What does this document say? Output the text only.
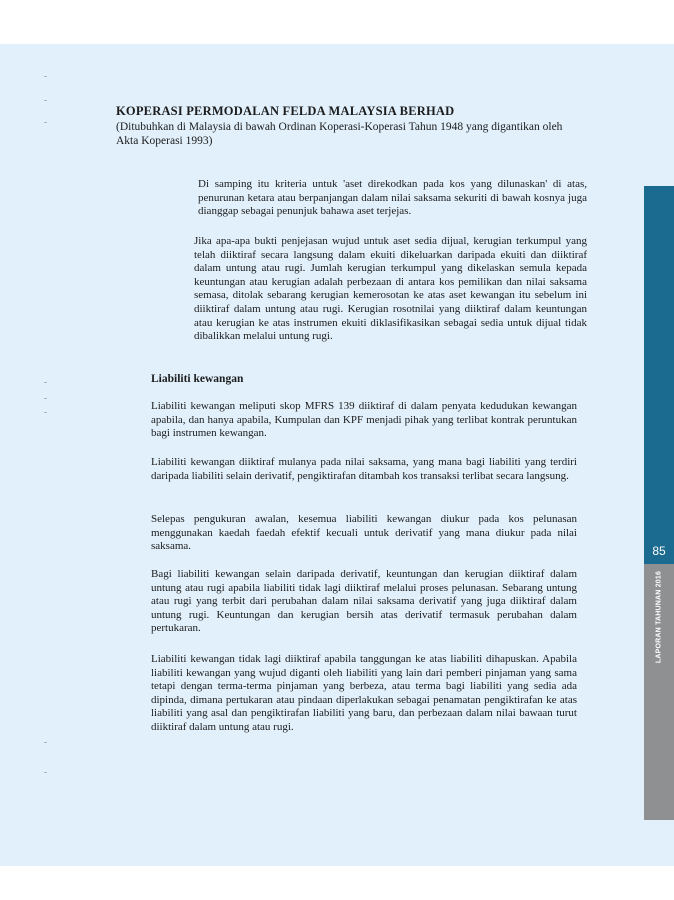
KOPERASI PERMODALAN FELDA MALAYSIA BERHAD

(Ditubuhkan di Malaysia di bawah Ordinan Koperasi-Koperasi Tahun 1948 yang digantikan oleh Akta Koperasi 1993)

Di samping itu kriteria untuk 'aset direkodkan pada kos yang dilunaskan' di atas, penurunan ketara atau berpanjangan dalam nilai saksama sekuriti di bawah kosnya juga dianggap sebagai penunjuk bahawa aset terjejas.

Jika apa-apa bukti penjejasan wujud untuk aset sedia dijual, kerugian terkumpul yang telah diiktiraf secara langsung dalam ekuiti dikeluarkan daripada ekuiti dan diiktiraf dalam untung atau rugi. Jumlah kerugian terkumpul yang dikelaskan semula kepada keuntungan atau kerugian adalah perbezaan di antara kos pemilikan dan nilai saksama semasa, ditolak sebarang kerugian kemerosotan ke atas aset kewangan itu sebelum ini diiktiraf dalam untung atau rugi. Kerugian rosotnilai yang diiktiraf dalam keuntungan atau kerugian ke atas instrumen ekuiti diklasifikasikan sebagai sedia untuk dijual tidak dibalikkan melalui untung rugi.

Liabiliti kewangan

Liabiliti kewangan meliputi skop MFRS 139 diiktiraf di dalam penyata kedudukan kewangan apabila, dan hanya apabila, Kumpulan dan KPF menjadi pihak yang terlibat kontrak peruntukan bagi instrumen kewangan.

Liabiliti kewangan diiktiraf mulanya pada nilai saksama, yang mana bagi liabiliti yang terdiri daripada liabiliti selain derivatif, pengiktirafan ditambah kos transaksi terlibat secara langsung.

Selepas pengukuran awalan, kesemua liabiliti kewangan diukur pada kos pelunasan menggunakan kaedah faedah efektif kecuali untuk derivatif yang mana diukur pada nilai saksama.

Bagi liabiliti kewangan selain daripada derivatif, keuntungan dan kerugian diiktiraf dalam untung atau rugi apabila liabiliti tidak lagi diiktiraf melalui proses pelunasan. Sebarang untung atau rugi yang terbit dari perubahan dalam nilai saksama derivatif yang juga diiktiraf dalam untung rugi. Keuntungan dan kerugian bersih atas derivatif termasuk perubahan dalam pertukaran.

Liabiliti kewangan tidak lagi diiktiraf apabila tanggungan ke atas liabiliti dihapuskan. Apabila liabiliti kewangan yang wujud diganti oleh liabiliti yang lain dari pemberi pinjaman yang sama tetapi dengan terma-terma pinjaman yang berbeza, atau terma bagi liabiliti yang sedia ada dipinda, dimana pertukaran atau pindaan diperlakukan sebagai penamatan pengiktirafan ke atas liabiliti yang asal dan pengiktirafan liabiliti yang baru, dan perbezaan dalam nilai bawaan turut diiktiraf dalam untung atau rugi.

85
LAPORAN TAHUNAN 2016
